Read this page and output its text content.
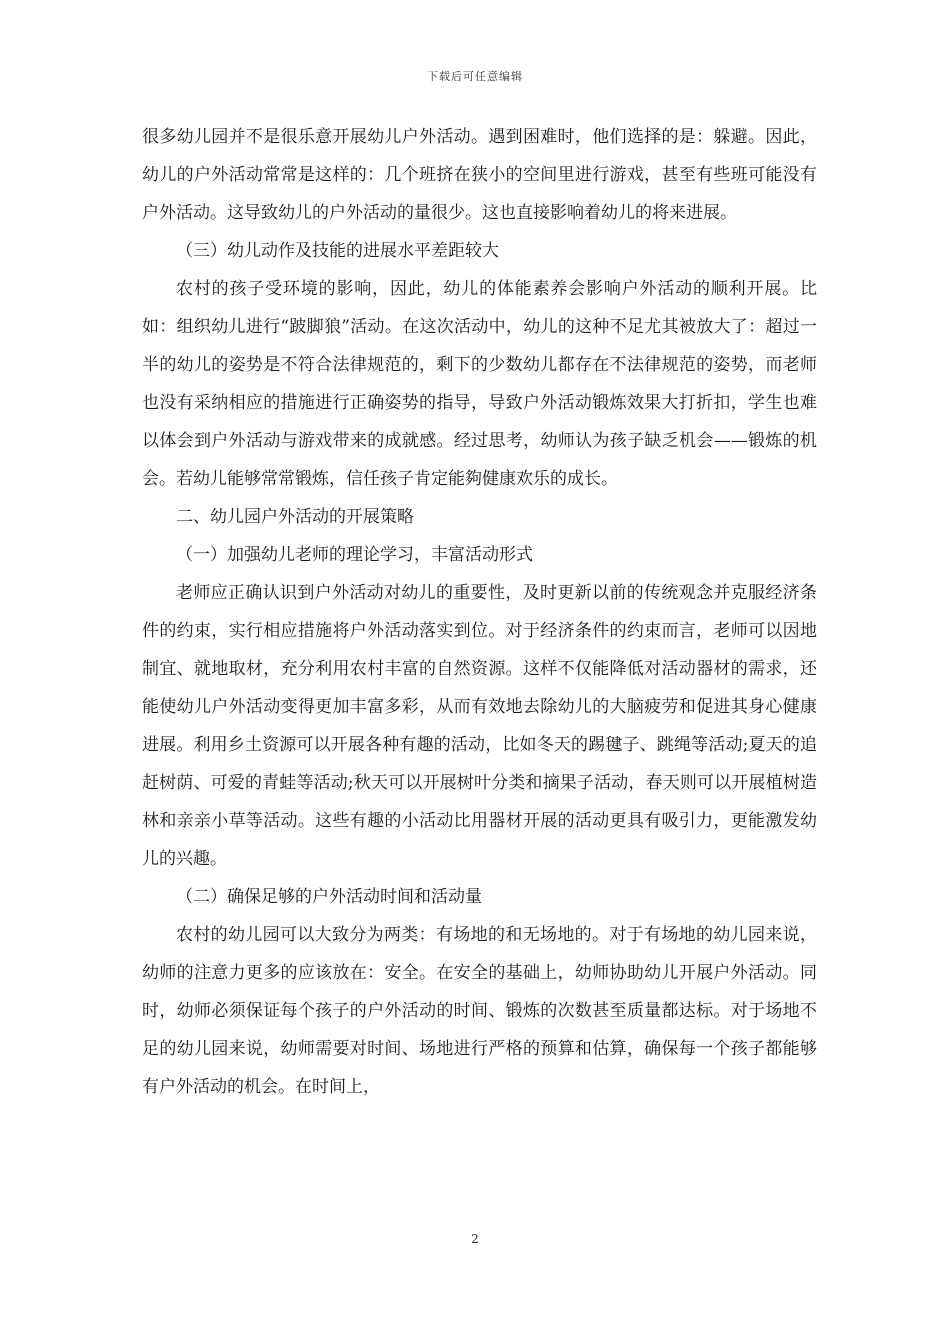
下载后可任意编辑

很多幼儿园并不是很乐意开展幼儿户外活动。遇到困难时，他们选择的是：躲避。因此，幼儿的户外活动常常是这样的：几个班挤在狭小的空间里进行游戏，甚至有些班可能没有户外活动。这导致幼儿的户外活动的量很少。这也直接影响着幼儿的将来进展。

（三）幼儿动作及技能的进展水平差距较大

农村的孩子受环境的影响，因此，幼儿的体能素养会影响户外活动的顺利开展。比如：组织幼儿进行“跛脚狼”活动。在这次活动中，幼儿的这种不足尤其被放大了：超过一半的幼儿的姿势是不符合法律规范的，剩下的少数幼儿都存在不法律规范的姿势，而老师也没有采纳相应的措施进行正确姿势的指导，导致户外活动锻炼效果大打折扣，学生也难以体会到户外活动与游戏带来的成就感。经过思考，幼师认为孩子缺乏机会——锻炼的机会。若幼儿能够常常锻炼，信任孩子肯定能夠健康欢乐的成长。

二、幼儿园户外活动的开展策略

（一）加强幼儿老师的理论学习，丰富活动形式

老师应正确认识到户外活动对幼儿的重要性，及时更新以前的传统观念并克服经济条件的约束，实行相应措施将户外活动落实到位。对于经济条件的约束而言，老师可以因地制宜、就地取材，充分利用农村丰富的自然资源。这样不仅能降低对活动器材的需求，还能使幼儿户外活动变得更加丰富多彩，从而有效地去除幼儿的大脑疲劳和促进其身心健康进展。利用乡土资源可以开展各种有趣的活动，比如冬天的踢毽子、跳绳等活动;夏天的追赶树荫、可爱的青蛙等活动;秋天可以开展树叶分类和摘果子活动，春天则可以开展植树造林和亲亲小草等活动。这些有趣的小活动比用器材开展的活动更具有吸引力，更能激发幼儿的兴趣。

（二）确保足够的户外活动时间和活动量

农村的幼儿园可以大致分为两类：有场地的和无场地的。对于有场地的幼儿园来说，幼师的注意力更多的应该放在：安全。在安全的基础上，幼师协助幼儿开展户外活动。同时，幼师必须保证每个孩子的户外活动的时间、锻炼的次数甚至质量都达标。对于场地不足的幼儿园来说，幼师需要对时间、场地进行严格的预算和估算，确保每一个孩子都能够有户外活动的机会。在时间上，

2
